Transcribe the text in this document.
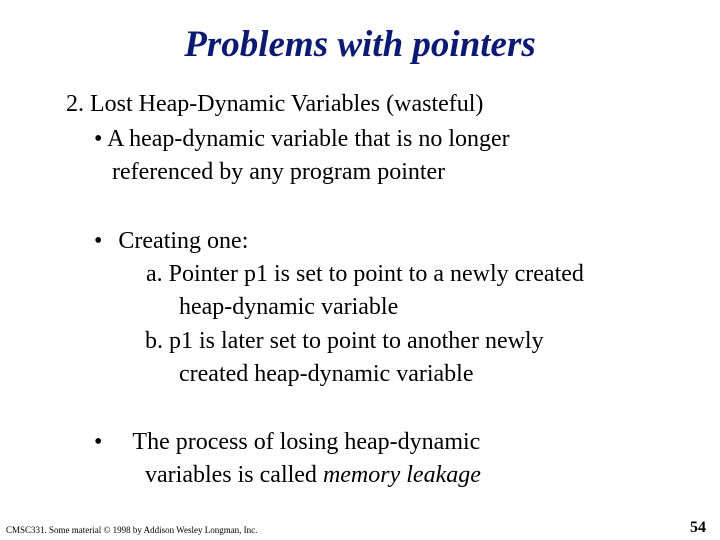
Problems with pointers

2. Lost Heap-Dynamic Variables (wasteful)

• A heap-dynamic variable that is no longer

referenced by any program pointer

• Creating one:

a. Pointer p1 is set to point to a newly created

heap-dynamic variable

b. p1 is later set to point to another newly

created heap-dynamic variable

• The process of losing heap-dynamic

variables is called memory leakage

CMSC331. Some material © 1998 by Addison Wesley Longman, Inc.	54
